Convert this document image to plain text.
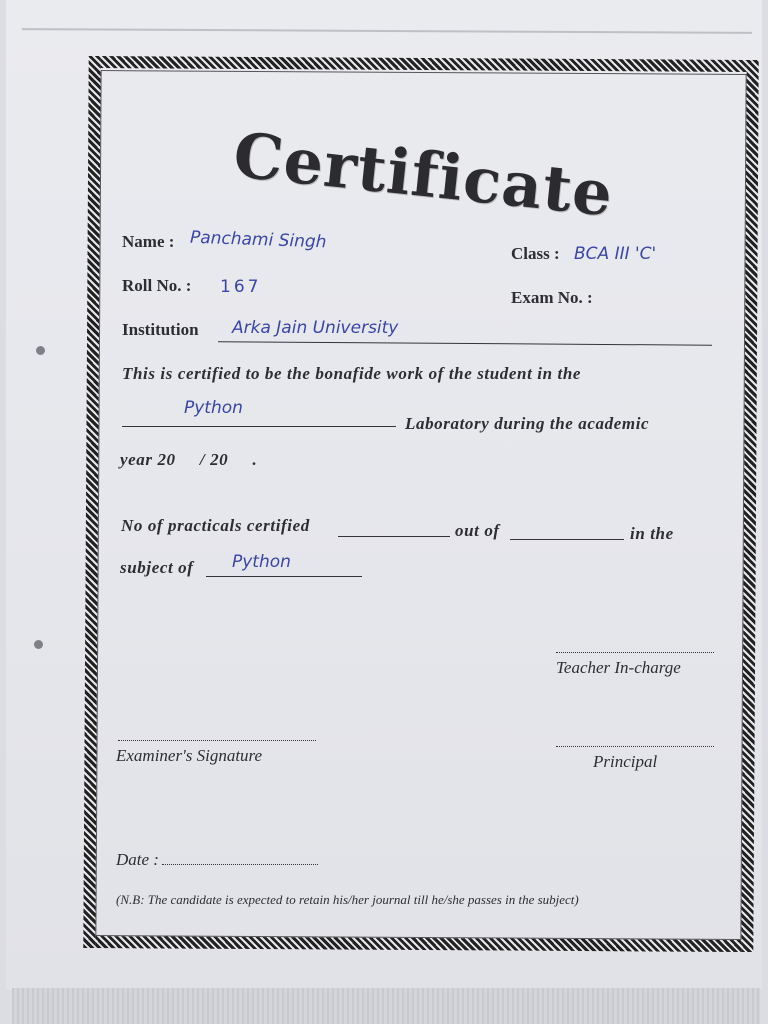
Certificate
Name : Panchami Singh
Class : BCA III 'C'
Roll No. : 167
Exam No. :
Institution Arka Jain University
This is certified to be the bonafide work of the student in the
Python
Laboratory during the academic
year 20     / 20     .
No of practicals certified	out of	in the
subject of Python
Teacher In-charge
Examiner's Signature	Principal
Date :
(N.B: The candidate is expected to retain his/her journal till he/she passes in the subject)
